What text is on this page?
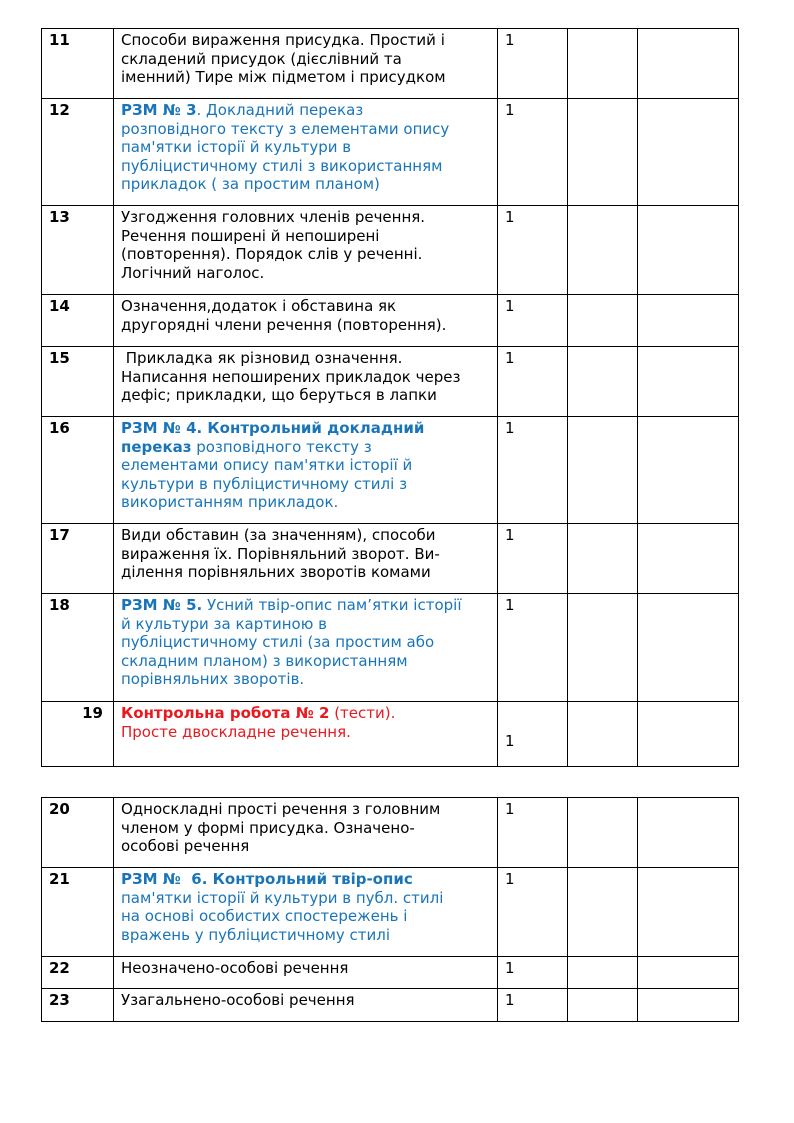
11	Способи вираження присудка. Простий і
складений присудок (дієслівний та
іменний) Тире між підметом і присудком	1		
12	РЗМ № 3. Докладний переказ
розповідного тексту з елементами опису
пам'ятки історії й культури в
публіцистичному стилі з використанням
прикладок ( за простим планом)	1		
13	Узгодження головних членів речення.
Речення поширені й непоширені
(повторення). Порядок слів у реченні.
Логічний наголос.	1		
14	Означення,додаток і обставина як
другорядні члени речення (повторення).	1		
15	Прикладка як різновид означення.
Написання непоширених прикладок через
дефіс; прикладки, що беруться в лапки	1		
16	РЗМ № 4. Контрольний докладний
переказ розповідного тексту з
елементами опису пам'ятки історії й
культури в публіцистичному стилі з
використанням прикладок.	1		
17	Види обставин (за значенням), способи
вираження їх. Порівняльний зворот. Ви-
ділення порівняльних зворотів комами	1		
18	РЗМ № 5. Усний твір-опис пам’ятки історії
й культури за картиною в
публіцистичному стилі (за простим або
складним планом) з використанням
порівняльних зворотів.	1		
19	Контрольна робота № 2 (тести).
Просте двоскладне речення.	1		
20	Односкладні прості речення з головним
членом у формі присудка. Означено-
особові речення	1		
21	РЗМ №  6. Контрольний твір-опис
пам'ятки історії й культури в публ. стилі
на основі особистих спостережень і
вражень у публіцистичному стилі	1		
22	Неозначено-особові речення	1		
23	Узагальнено-особові речення	1		
